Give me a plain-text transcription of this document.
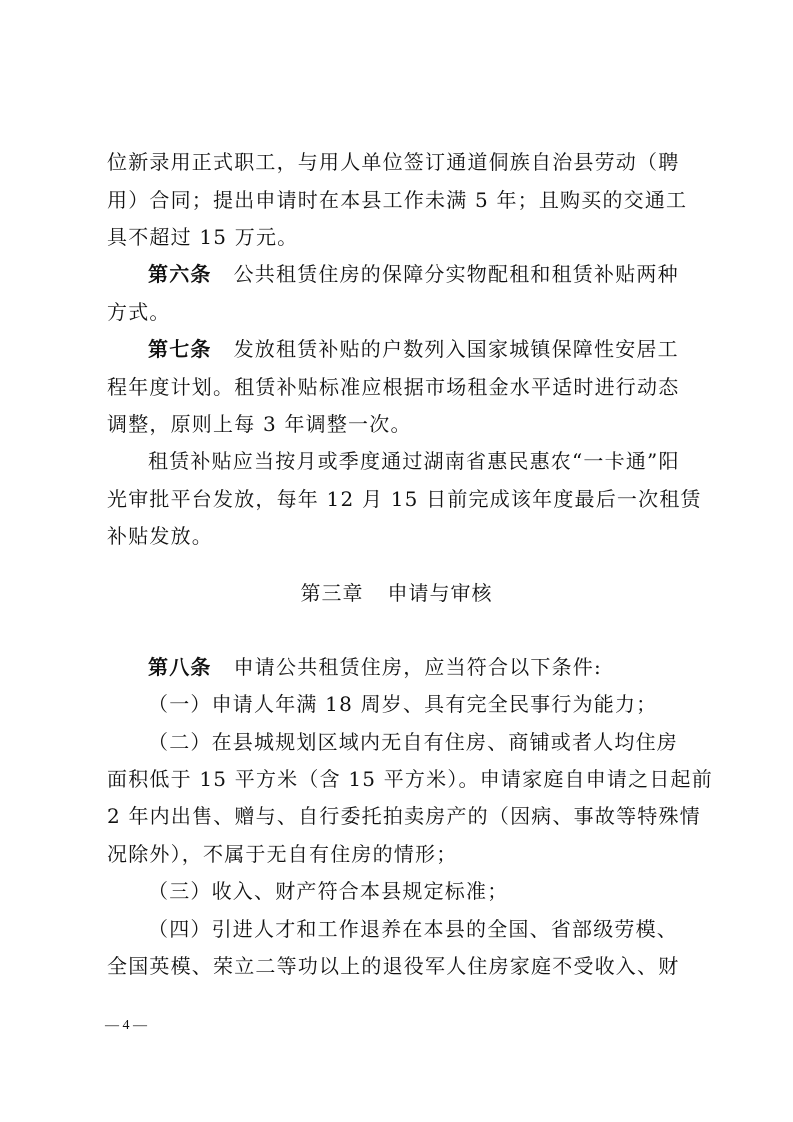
位新录用正式职工，与用人单位签订通道侗族自治县劳动（聘
用）合同；提出申请时在本县工作未满 5 年；且购买的交通工
具不超过 15 万元。
第六条 公共租赁住房的保障分实物配租和租赁补贴两种
方式。
第七条 发放租赁补贴的户数列入国家城镇保障性安居工
程年度计划。租赁补贴标准应根据市场租金水平适时进行动态
调整，原则上每 3 年调整一次。
租赁补贴应当按月或季度通过湖南省惠民惠农“一卡通”阳
光审批平台发放，每年 12 月 15 日前完成该年度最后一次租赁
补贴发放。
第三章 申请与审核
第八条 申请公共租赁住房，应当符合以下条件:
（一）申请人年满 18 周岁、具有完全民事行为能力；
（二）在县城规划区域内无自有住房、商铺或者人均住房
面积低于 15 平方米（含 15 平方米）。申请家庭自申请之日起前
2 年内出售、赠与、自行委托拍卖房产的（因病、事故等特殊情
况除外），不属于无自有住房的情形；
（三）收入、财产符合本县规定标准；
（四）引进人才和工作退养在本县的全国、省部级劳模、
全国英模、荣立二等功以上的退役军人住房家庭不受收入、财
— 4 —
